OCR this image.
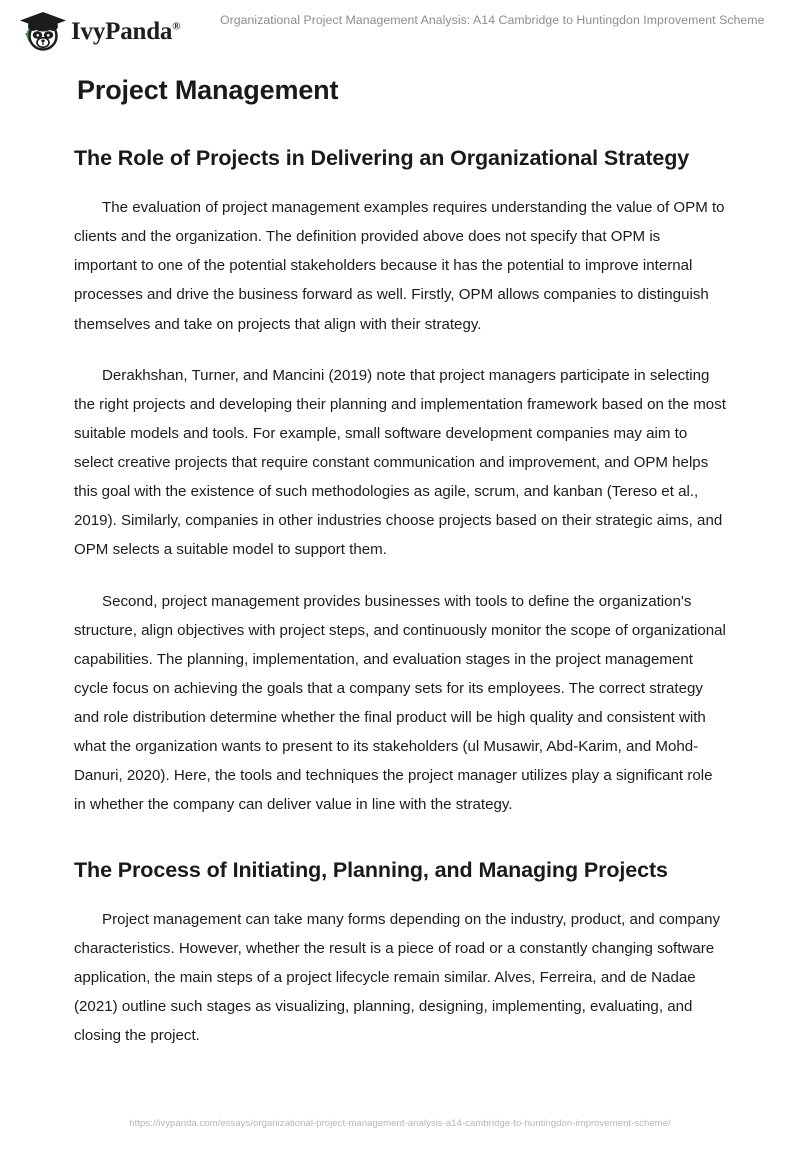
IvyPanda®	Organizational Project Management Analysis: A14 Cambridge to Huntingdon Improvement Scheme
Project Management
The Role of Projects in Delivering an Organizational Strategy

The evaluation of project management examples requires understanding the value of OPM to clients and the organization. The definition provided above does not specify that OPM is important to one of the potential stakeholders because it has the potential to improve internal processes and drive the business forward as well. Firstly, OPM allows companies to distinguish themselves and take on projects that align with their strategy.

Derakhshan, Turner, and Mancini (2019) note that project managers participate in selecting the right projects and developing their planning and implementation framework based on the most suitable models and tools. For example, small software development companies may aim to select creative projects that require constant communication and improvement, and OPM helps this goal with the existence of such methodologies as agile, scrum, and kanban (Tereso et al., 2019). Similarly, companies in other industries choose projects based on their strategic aims, and OPM selects a suitable model to support them.

Second, project management provides businesses with tools to define the organization's structure, align objectives with project steps, and continuously monitor the scope of organizational capabilities. The planning, implementation, and evaluation stages in the project management cycle focus on achieving the goals that a company sets for its employees. The correct strategy and role distribution determine whether the final product will be high quality and consistent with what the organization wants to present to its stakeholders (ul Musawir, Abd-Karim, and Mohd-Danuri, 2020). Here, the tools and techniques the project manager utilizes play a significant role in whether the company can deliver value in line with the strategy.

The Process of Initiating, Planning, and Managing Projects

Project management can take many forms depending on the industry, product, and company characteristics. However, whether the result is a piece of road or a constantly changing software application, the main steps of a project lifecycle remain similar. Alves, Ferreira, and de Nadae (2021) outline such stages as visualizing, planning, designing, implementing, evaluating, and closing the project.

https://ivypanda.com/essays/organizational-project-management-analysis-a14-cambridge-to-huntingdon-improvement-scheme/
